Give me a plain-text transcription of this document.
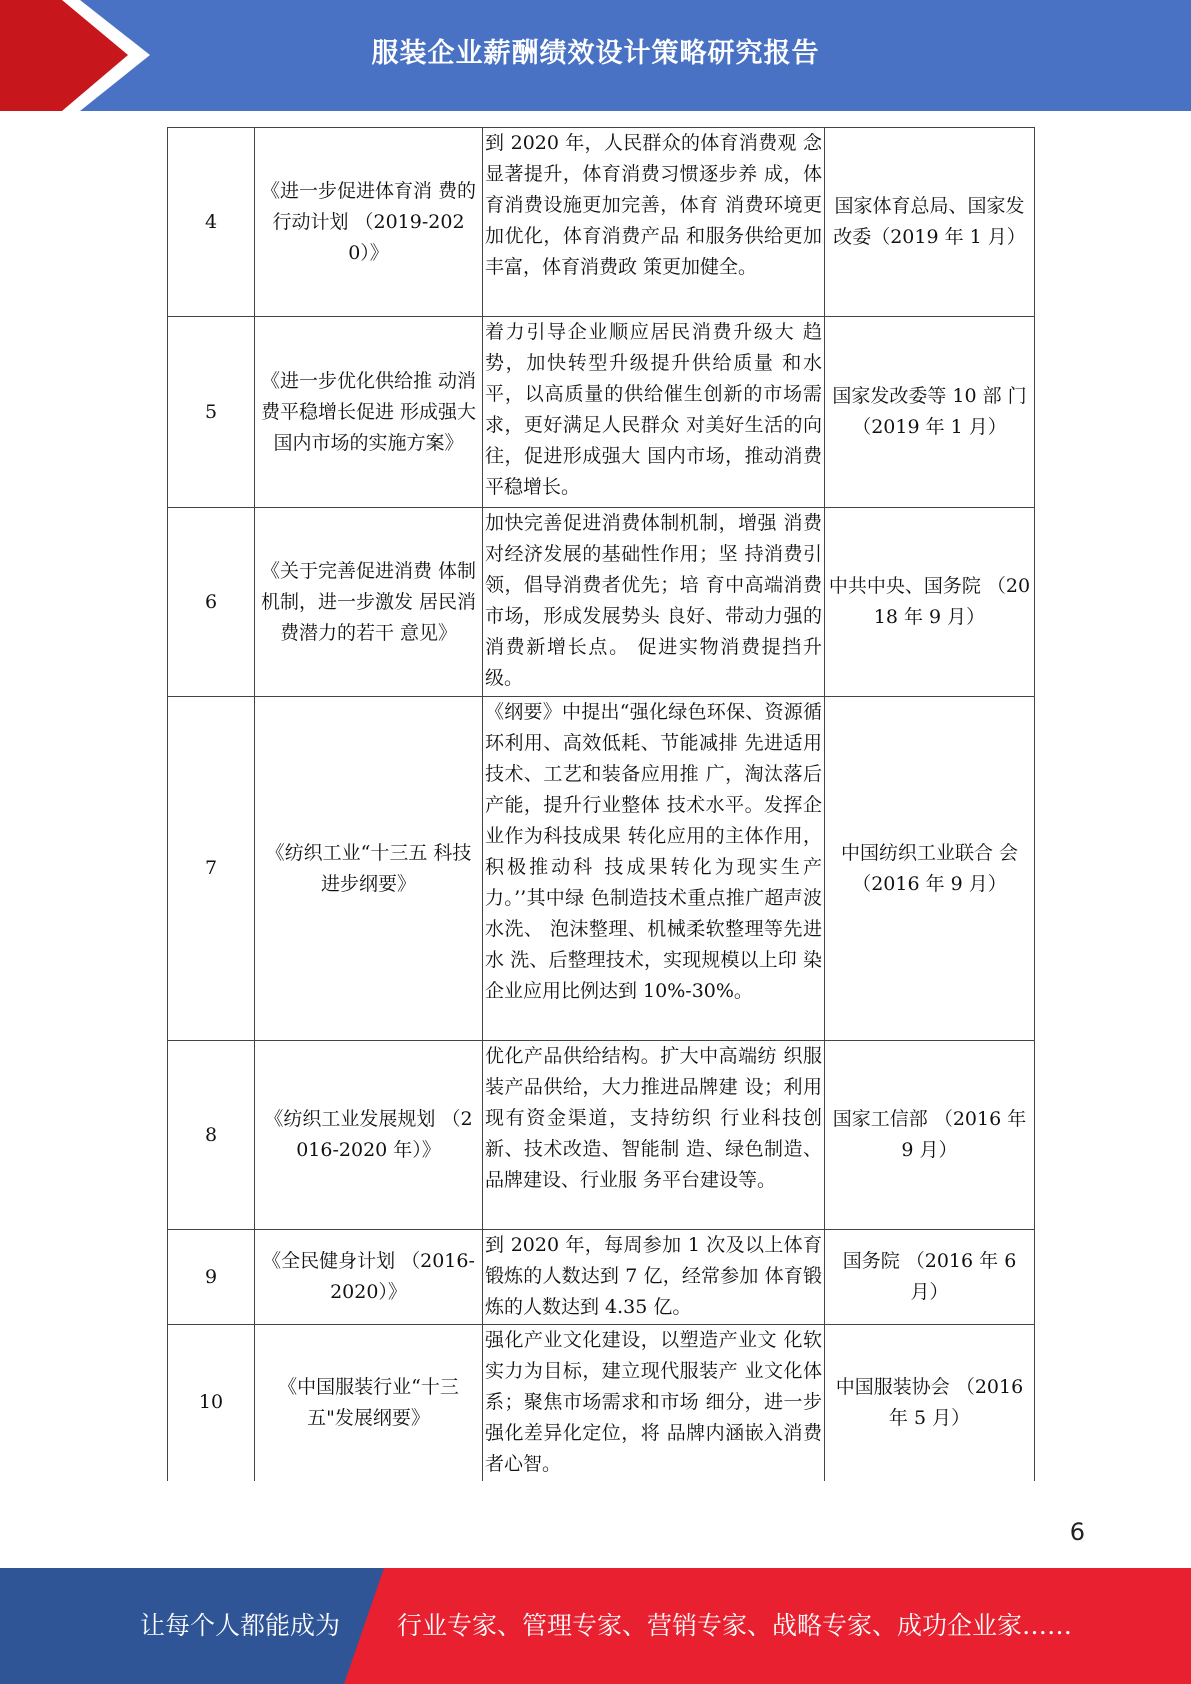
服装企业薪酬绩效设计策略研究报告
4	《进一步促进体育消 费的行动计划 （2019-2020）》	到 2020 年，人民群众的体育消费观 念显著提升，体育消费习惯逐步养 成，体育消费设施更加完善，体育 消费环境更加优化，体育消费产品 和服务供给更加丰富，体育消费政 策更加健全。	国家体育总局、国家发改委（2019 年 1 月）
5	《进一步优化供给推 动消费平稳增长促进 形成强大国内市场的实施方案》	着力引导企业顺应居民消费升级大 趋势，加快转型升级提升供给质量 和水平，以高质量的供给催生创新的市场需求，更好满足人民群众 对美好生活的向往，促进形成强大 国内市场，推动消费平稳增长。	国家发改委等 10 部 门 （2019 年 1 月）
6	《关于完善促进消费 体制机制，进一步激发 居民消费潜力的若干 意见》	加快完善促进消费体制机制，增强 消费对经济发展的基础性作用；坚 持消费引领，倡导消费者优先；培 育中高端消费市场，形成发展势头 良好、带动力强的消费新增长点。 促进实物消费提挡升级。	中共中央、国务院 （2018 年 9 月）
7	《纺织工业“十三五 科技进步纲要》	《纲要》中提出“强化绿色环保、资源循环利用、高效低耗、节能减排 先进适用技术、工艺和装备应用推 广，淘汰落后产能，提升行业整体 技术水平。发挥企业作为科技成果 转化应用的主体作用，积极推动科 技成果转化为现实生产力。’’其中绿 色制造技术重点推广超声波水洗、 泡沫整理、机械柔软整理等先进水 洗、后整理技术，实现规模以上印 染企业应用比例达到 10%-30%。	中国纺织工业联合 会 （2016 年 9 月）
8	《纺织工业发展规划 （2016-2020 年）》	优化产品供给结构。扩大中高端纺 织服装产品供给，大力推进品牌建 设；利用现有资金渠道，支持纺织 行业科技创新、技术改造、智能制 造、绿色制造、品牌建设、行业服 务平台建设等。	国家工信部 （2016 年 9 月）
9	《全民健身计划 （2016-2020）》	到 2020 年，每周参加 1 次及以上体育锻炼的人数达到 7 亿，经常参加 体育锻炼的人数达到 4.35 亿。	国务院 （2016 年 6 月）
10	《中国服装行业“十三 五"发展纲要》	强化产业文化建设，以塑造产业文 化软实力为目标，建立现代服装产 业文化体系；聚焦市场需求和市场 细分，进一步强化差异化定位，将 品牌内涵嵌入消费者心智。	中国服装协会 （2016 年 5 月）
6
让每个人都能成为 行业专家、管理专家、营销专家、战略专家、成功企业家……
